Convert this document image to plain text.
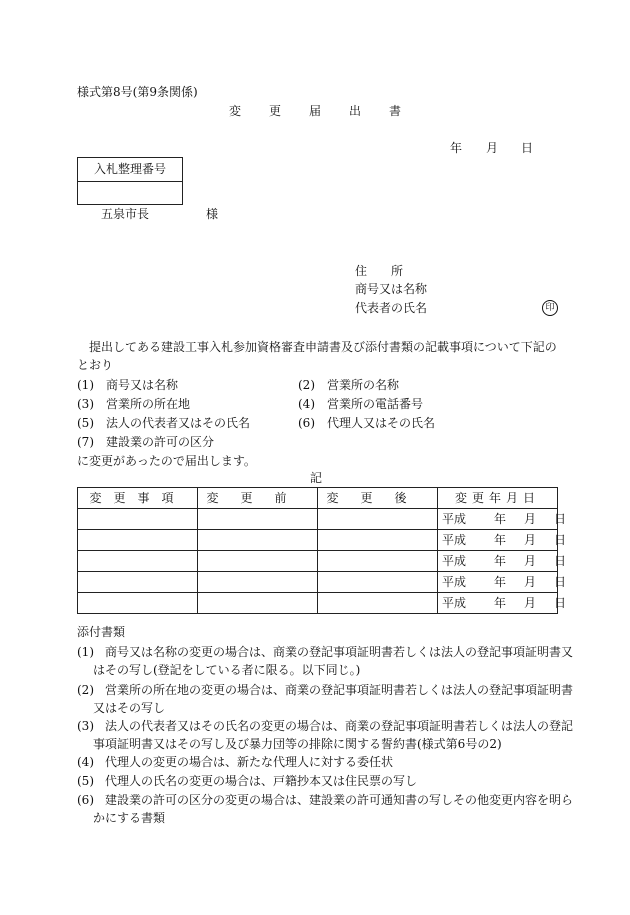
様式第8号(第9条関係)
変更届出書
年 月 日
入札整理番号
五泉市長	様
住　　所
商号又は名称
代表者の氏名	印
提出してある建設工事入札参加資格審査申請書及び添付書類の記載事項について下記のとおり
(1)　 商号又は名称	(2)　 営業所の名称
(3)　 営業所の所在地	(4)　 営業所の電話番号
(5)　 法人の代表者又はその氏名	(6)　 代理人又はその氏名
(7)　 建設業の許可の区分
に変更があったので届出します。
記
変更事項	変更前	変更後	変更年月日
			平成 年 月 日
			平成 年 月 日
			平成 年 月 日
			平成 年 月 日
			平成 年 月 日
添付書類
(1) 商号又は名称の変更の場合は、商業の登記事項証明書若しくは法人の登記事項証明書又はその写し(登記をしている者に限る。以下同じ。)
(2) 営業所の所在地の変更の場合は、商業の登記事項証明書若しくは法人の登記事項証明書又はその写し
(3) 法人の代表者又はその氏名の変更の場合は、商業の登記事項証明書若しくは法人の登記事項証明書又はその写し及び暴力団等の排除に関する誓約書(様式第6号の2)
(4) 代理人の変更の場合は、新たな代理人に対する委任状
(5) 代理人の氏名の変更の場合は、戸籍抄本又は住民票の写し
(6) 建設業の許可の区分の変更の場合は、建設業の許可通知書の写しその他変更内容を明らかにする書類
